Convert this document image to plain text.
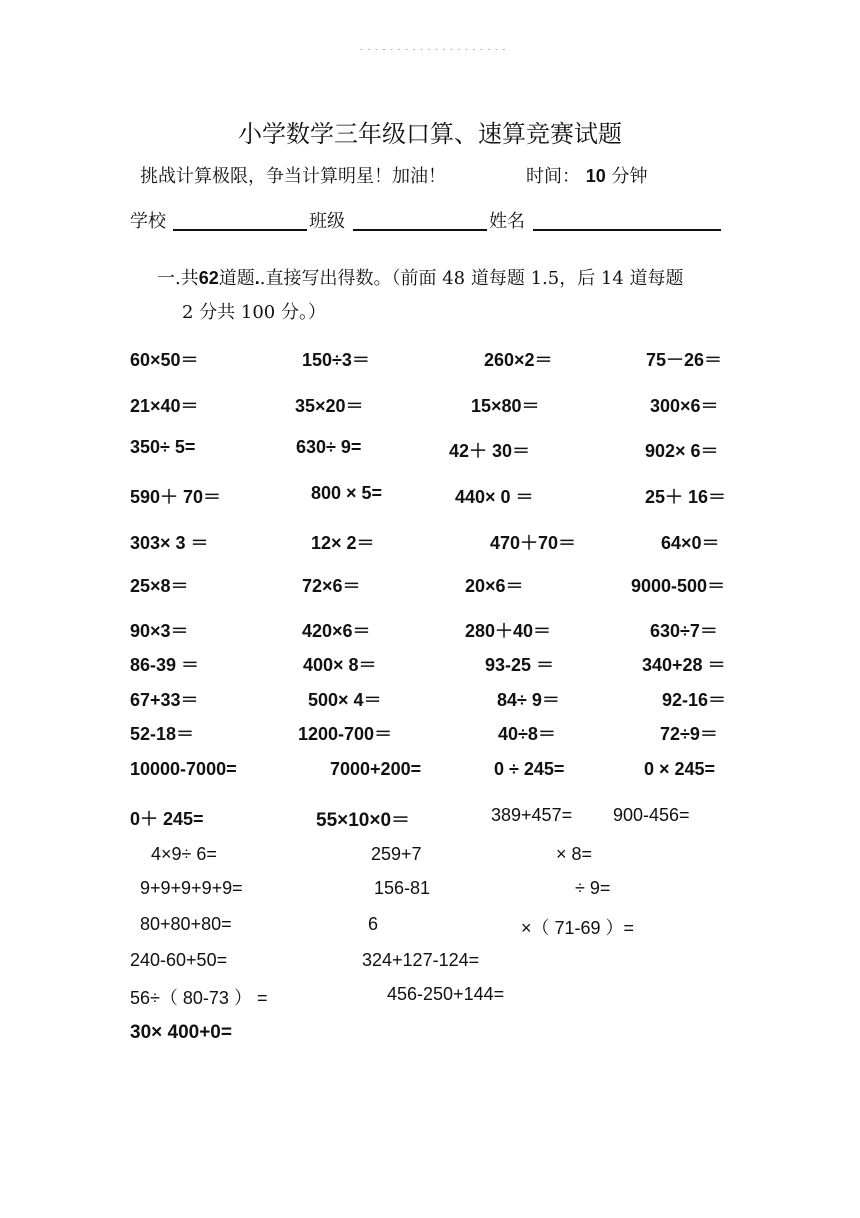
- - - - - - - - - - - - - - - - - - - -
小学数学三年级口算、速算竞赛试题
挑战计算极限，争当计算明星！加油！	时间： 10 分钟
学校	班级	姓名
一.共62道题..直接写出得数。（前面 48 道每题 1.5，后 14 道每题
2 分共 100 分。）
60×50＝	150÷3＝	260×2＝	75－26＝
21×40＝	35×20＝	15×80＝	300×6＝
350÷ 5=	630÷ 9=	42＋ 30＝	902× 6＝
590＋ 70＝	800 × 5=	440× 0 ＝	25＋ 16＝
303× 3 ＝	12× 2＝	470＋70＝	64×0＝
25×8＝	72×6＝	20×6＝	9000-500＝
90×3＝	420×6＝	280＋40＝	630÷7＝
86-39 ＝	400× 8＝	93-25 ＝	340+28 ＝
67+33＝	500× 4＝	84÷ 9＝	92-16＝
52-18＝	1200-700＝	40÷8＝	72÷9＝
10000-7000=	7000+200=	0 ÷ 245=	0 × 245=
0＋ 245=	55×10×0＝	389+457= 900-456=
4×9÷ 6=	259+7	× 8=
9+9+9+9+9=	156-81	÷ 9=
80+80+80=	6	×（ 71-69 ）=
240-60+50=	324+127-124=
56÷（ 80-73 ） =	456-250+144=
30× 400+0=
